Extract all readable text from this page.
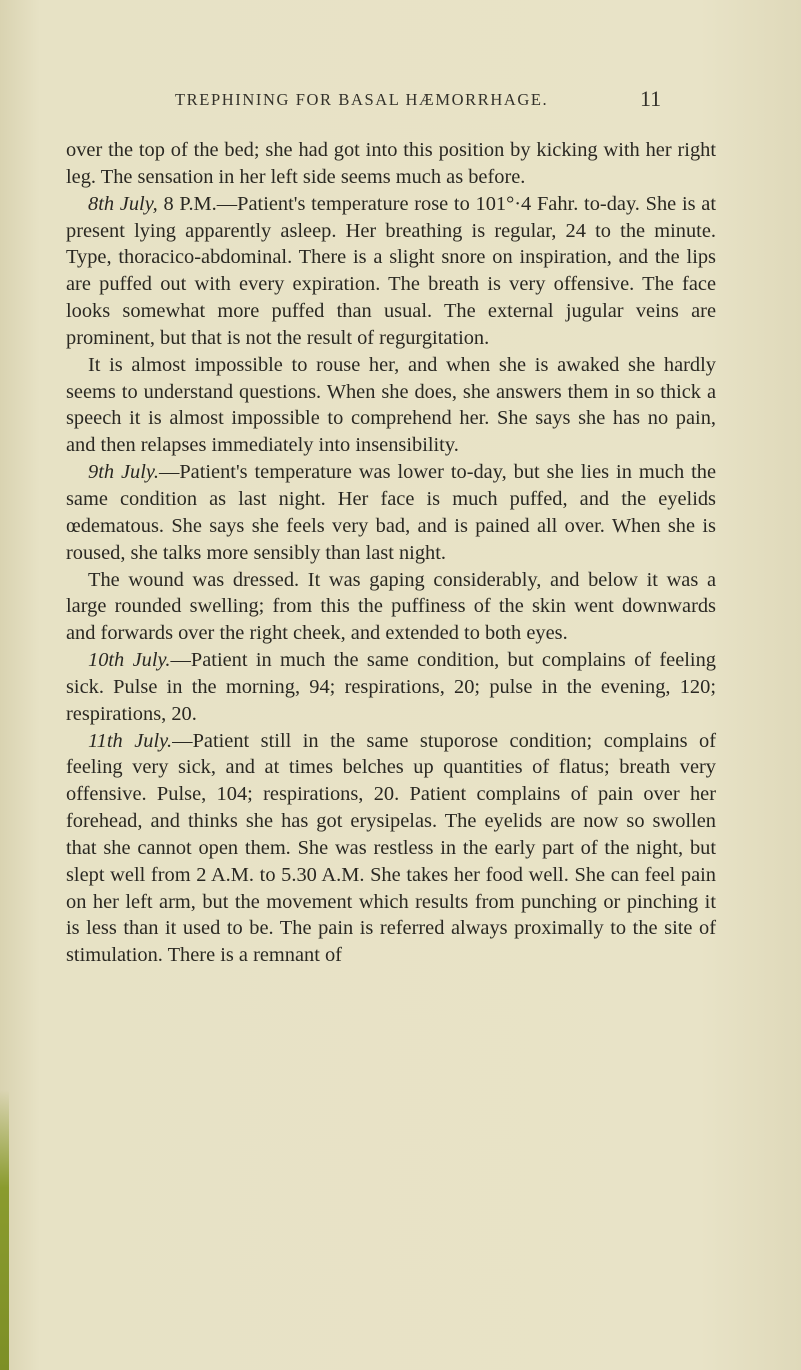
TREPHINING FOR BASAL HÆMORRHAGE.	11

over the top of the bed; she had got into this position by kicking with her right leg. The sensation in her left side seems much as before.

8th July, 8 P.M.—Patient's temperature rose to 101°·4 Fahr. to-day. She is at present lying apparently asleep. Her breathing is regular, 24 to the minute. Type, thoracico-abdominal. There is a slight snore on inspiration, and the lips are puffed out with every expiration. The breath is very offensive. The face looks somewhat more puffed than usual. The external jugular veins are prominent, but that is not the result of regurgitation.

It is almost impossible to rouse her, and when she is awaked she hardly seems to understand questions. When she does, she answers them in so thick a speech it is almost impossible to comprehend her. She says she has no pain, and then relapses immediately into insensibility.

9th July.—Patient's temperature was lower to-day, but she lies in much the same condition as last night. Her face is much puffed, and the eyelids œdematous. She says she feels very bad, and is pained all over. When she is roused, she talks more sensibly than last night.

The wound was dressed. It was gaping considerably, and below it was a large rounded swelling; from this the puffiness of the skin went downwards and forwards over the right cheek, and extended to both eyes.

10th July.—Patient in much the same condition, but complains of feeling sick. Pulse in the morning, 94; respirations, 20; pulse in the evening, 120; respirations, 20.

11th July.—Patient still in the same stuporose condition; complains of feeling very sick, and at times belches up quantities of flatus; breath very offensive. Pulse, 104; respirations, 20. Patient complains of pain over her forehead, and thinks she has got erysipelas. The eyelids are now so swollen that she cannot open them. She was restless in the early part of the night, but slept well from 2 A.M. to 5.30 A.M. She takes her food well. She can feel pain on her left arm, but the movement which results from punching or pinching it is less than it used to be. The pain is referred always proximally to the site of stimulation. There is a remnant of
